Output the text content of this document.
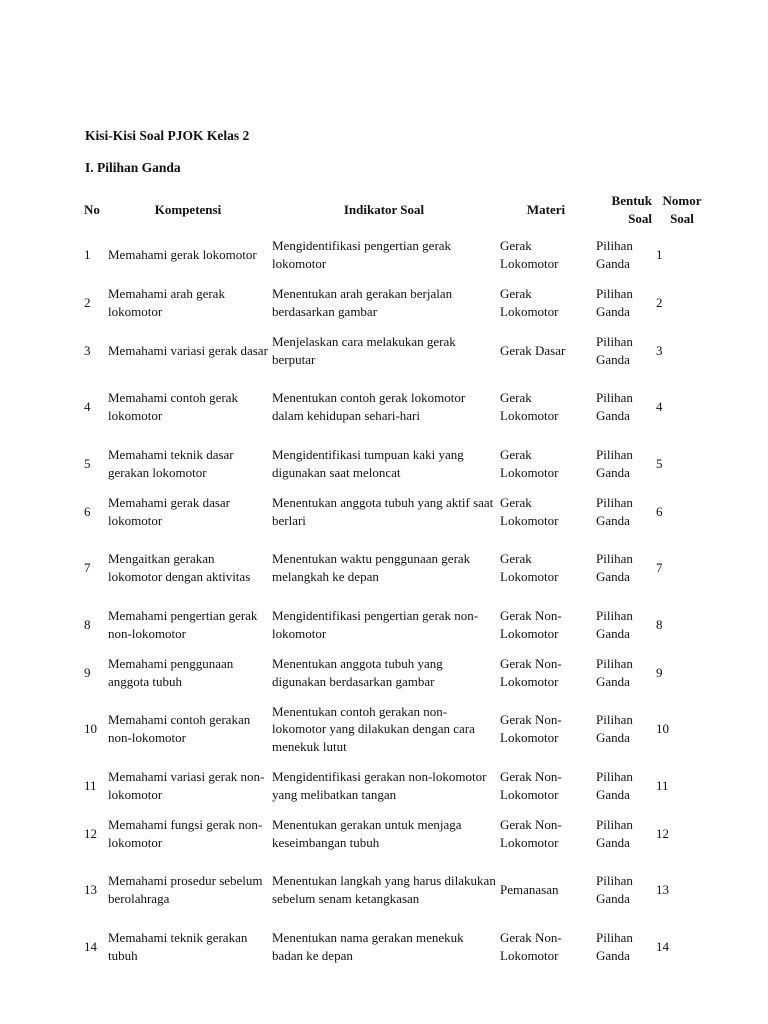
Kisi-Kisi Soal PJOK Kelas 2
I. Pilihan Ganda
No	Kompetensi	Indikator Soal	Materi	Bentuk Soal	Nomor Soal
1	Memahami gerak lokomotor	Mengidentifikasi pengertian gerak lokomotor	Gerak Lokomotor	Pilihan Ganda	1
2	Memahami arah gerak lokomotor	Menentukan arah gerakan berjalan berdasarkan gambar	Gerak Lokomotor	Pilihan Ganda	2
3	Memahami variasi gerak dasar	Menjelaskan cara melakukan gerak berputar	Gerak Dasar	Pilihan Ganda	3
4	Memahami contoh gerak lokomotor	Menentukan contoh gerak lokomotor dalam kehidupan sehari-hari	Gerak Lokomotor	Pilihan Ganda	4
5	Memahami teknik dasar gerakan lokomotor	Mengidentifikasi tumpuan kaki yang digunakan saat meloncat	Gerak Lokomotor	Pilihan Ganda	5
6	Memahami gerak dasar lokomotor	Menentukan anggota tubuh yang aktif saat berlari	Gerak Lokomotor	Pilihan Ganda	6
7	Mengaitkan gerakan lokomotor dengan aktivitas	Menentukan waktu penggunaan gerak melangkah ke depan	Gerak Lokomotor	Pilihan Ganda	7
8	Memahami pengertian gerak non-lokomotor	Mengidentifikasi pengertian gerak non-lokomotor	Gerak Non-Lokomotor	Pilihan Ganda	8
9	Memahami penggunaan anggota tubuh	Menentukan anggota tubuh yang digunakan berdasarkan gambar	Gerak Non-Lokomotor	Pilihan Ganda	9
10	Memahami contoh gerakan non-lokomotor	Menentukan contoh gerakan non-lokomotor yang dilakukan dengan cara menekuk lutut	Gerak Non-Lokomotor	Pilihan Ganda	10
11	Memahami variasi gerak non-lokomotor	Mengidentifikasi gerakan non-lokomotor yang melibatkan tangan	Gerak Non-Lokomotor	Pilihan Ganda	11
12	Memahami fungsi gerak non-lokomotor	Menentukan gerakan untuk menjaga keseimbangan tubuh	Gerak Non-Lokomotor	Pilihan Ganda	12
13	Memahami prosedur sebelum berolahraga	Menentukan langkah yang harus dilakukan sebelum senam ketangkasan	Pemanasan	Pilihan Ganda	13
14	Memahami teknik gerakan tubuh	Menentukan nama gerakan menekuk badan ke depan	Gerak Non-Lokomotor	Pilihan Ganda	14
